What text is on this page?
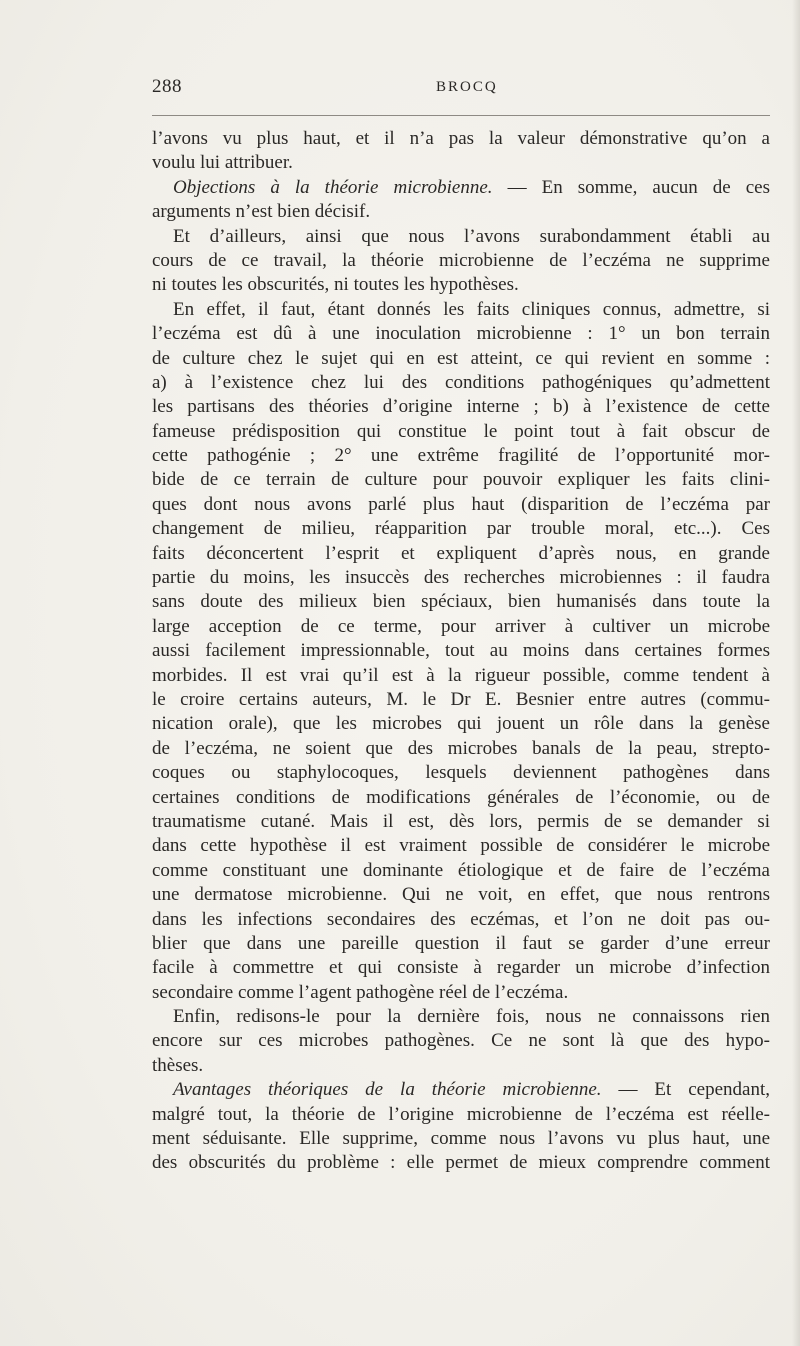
288	BROCQ
l’avons vu plus haut, et il n’a pas la valeur démonstrative qu’on a
voulu lui attribuer.
Objections à la théorie microbienne. — En somme, aucun de ces
arguments n’est bien décisif.
Et d’ailleurs, ainsi que nous l’avons surabondamment établi au
cours de ce travail, la théorie microbienne de l’eczéma ne supprime
ni toutes les obscurités, ni toutes les hypothèses.
En effet, il faut, étant donnés les faits cliniques connus, admettre, si
l’eczéma est dû à une inoculation microbienne : 1° un bon terrain
de culture chez le sujet qui en est atteint, ce qui revient en somme :
a) à l’existence chez lui des conditions pathogéniques qu’admettent
les partisans des théories d’origine interne ; b) à l’existence de cette
fameuse prédisposition qui constitue le point tout à fait obscur de
cette pathogénie ; 2° une extrême fragilité de l’opportunité mor-
bide de ce terrain de culture pour pouvoir expliquer les faits clini-
ques dont nous avons parlé plus haut (disparition de l’eczéma par
changement de milieu, réapparition par trouble moral, etc...). Ces
faits déconcertent l’esprit et expliquent d’après nous, en grande
partie du moins, les insuccès des recherches microbiennes : il faudra
sans doute des milieux bien spéciaux, bien humanisés dans toute la
large acception de ce terme, pour arriver à cultiver un microbe
aussi facilement impressionnable, tout au moins dans certaines formes
morbides. Il est vrai qu’il est à la rigueur possible, comme tendent à
le croire certains auteurs, M. le Dr E. Besnier entre autres (commu-
nication orale), que les microbes qui jouent un rôle dans la genèse
de l’eczéma, ne soient que des microbes banals de la peau, strepto-
coques ou staphylocoques, lesquels deviennent pathogènes dans
certaines conditions de modifications générales de l’économie, ou de
traumatisme cutané. Mais il est, dès lors, permis de se demander si
dans cette hypothèse il est vraiment possible de considérer le microbe
comme constituant une dominante étiologique et de faire de l’eczéma
une dermatose microbienne. Qui ne voit, en effet, que nous rentrons
dans les infections secondaires des eczémas, et l’on ne doit pas ou-
blier que dans une pareille question il faut se garder d’une erreur
facile à commettre et qui consiste à regarder un microbe d’infection
secondaire comme l’agent pathogène réel de l’eczéma.
Enfin, redisons-le pour la dernière fois, nous ne connaissons rien
encore sur ces microbes pathogènes. Ce ne sont là que des hypo-
thèses.
Avantages théoriques de la théorie microbienne. — Et cependant,
malgré tout, la théorie de l’origine microbienne de l’eczéma est réelle-
ment séduisante. Elle supprime, comme nous l’avons vu plus haut, une
des obscurités du problème : elle permet de mieux comprendre comment
